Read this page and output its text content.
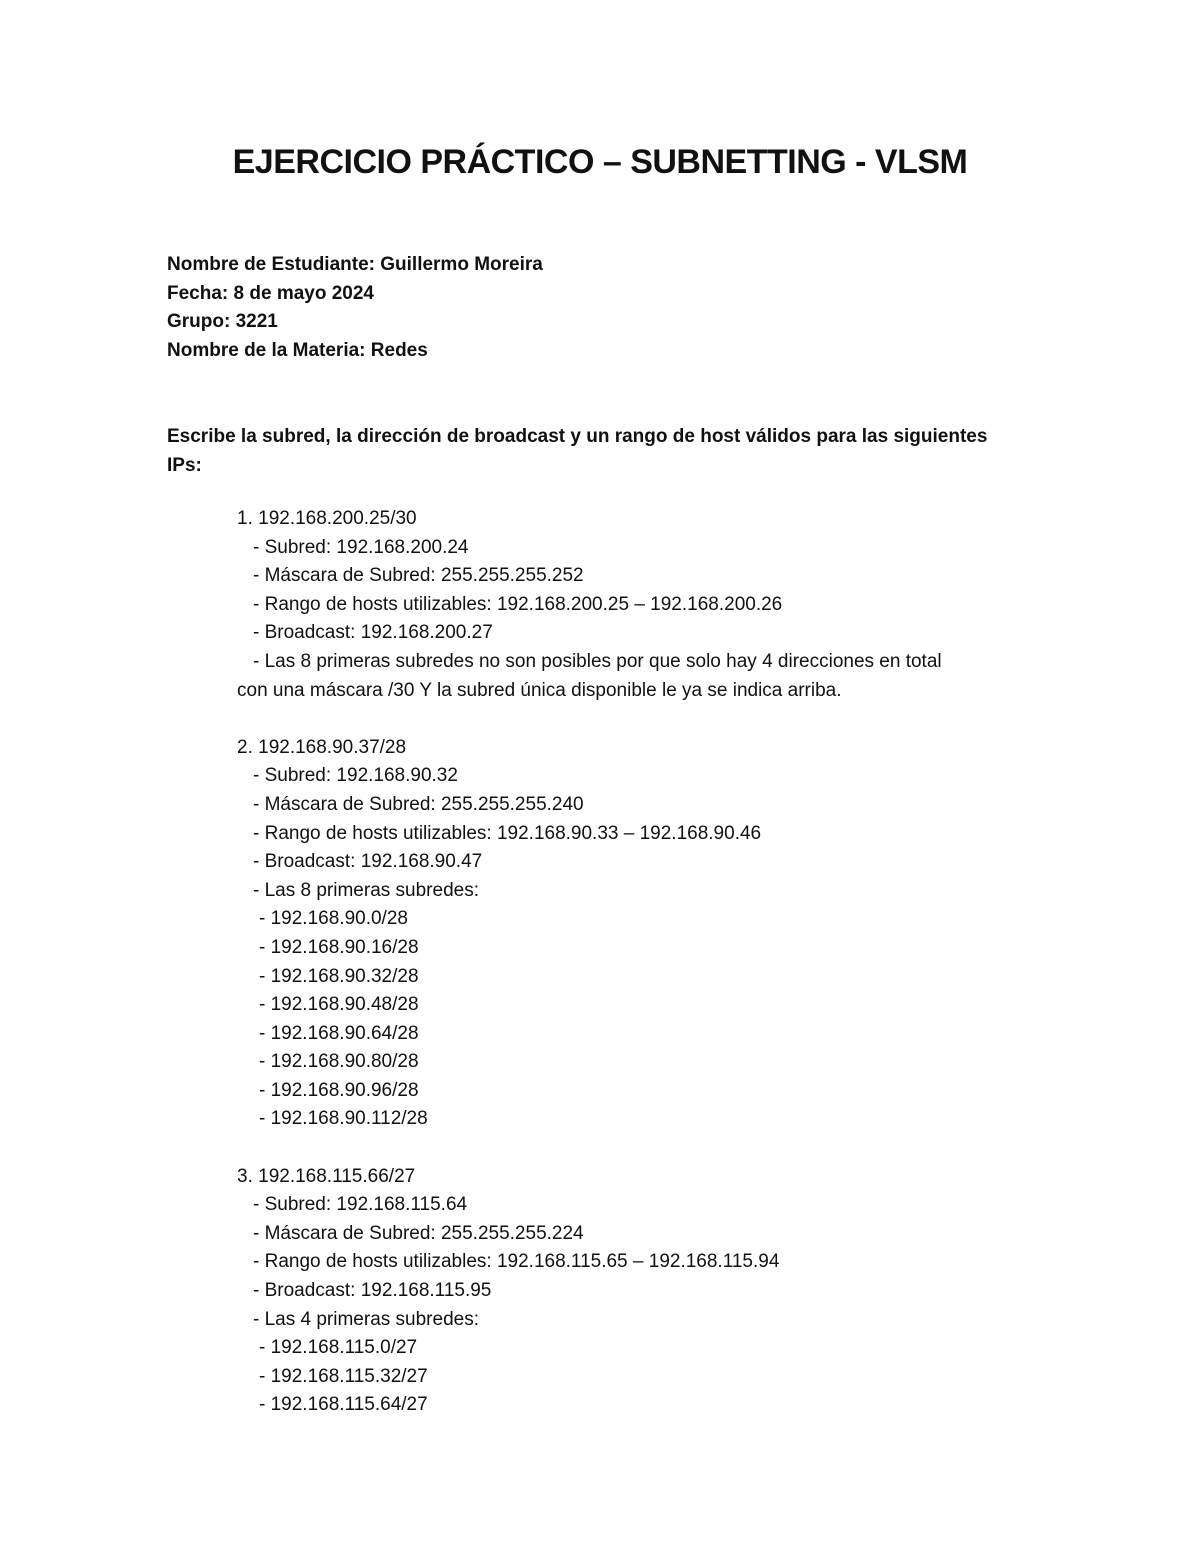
EJERCICIO PRÁCTICO – SUBNETTING - VLSM
Nombre de Estudiante: Guillermo Moreira
Fecha: 8 de mayo 2024
Grupo: 3221
Nombre de la Materia: Redes

Escribe la subred, la dirección de broadcast y un rango de host válidos para las siguientes IPs:

1. 192.168.200.25/30
- Subred: 192.168.200.24
- Máscara de Subred: 255.255.255.252
- Rango de hosts utilizables: 192.168.200.25 – 192.168.200.26
- Broadcast: 192.168.200.27
- Las 8 primeras subredes no son posibles por que solo hay 4 direcciones en total
con una máscara /30 Y la subred única disponible le ya se indica arriba.
2. 192.168.90.37/28
- Subred: 192.168.90.32
- Máscara de Subred: 255.255.255.240
- Rango de hosts utilizables: 192.168.90.33 – 192.168.90.46
- Broadcast: 192.168.90.47
- Las 8 primeras subredes:
- 192.168.90.0/28
- 192.168.90.16/28
- 192.168.90.32/28
- 192.168.90.48/28
- 192.168.90.64/28
- 192.168.90.80/28
- 192.168.90.96/28
- 192.168.90.112/28
3. 192.168.115.66/27
- Subred: 192.168.115.64
- Máscara de Subred: 255.255.255.224
- Rango de hosts utilizables: 192.168.115.65 – 192.168.115.94
- Broadcast: 192.168.115.95
- Las 4 primeras subredes:
- 192.168.115.0/27
- 192.168.115.32/27
- 192.168.115.64/27
